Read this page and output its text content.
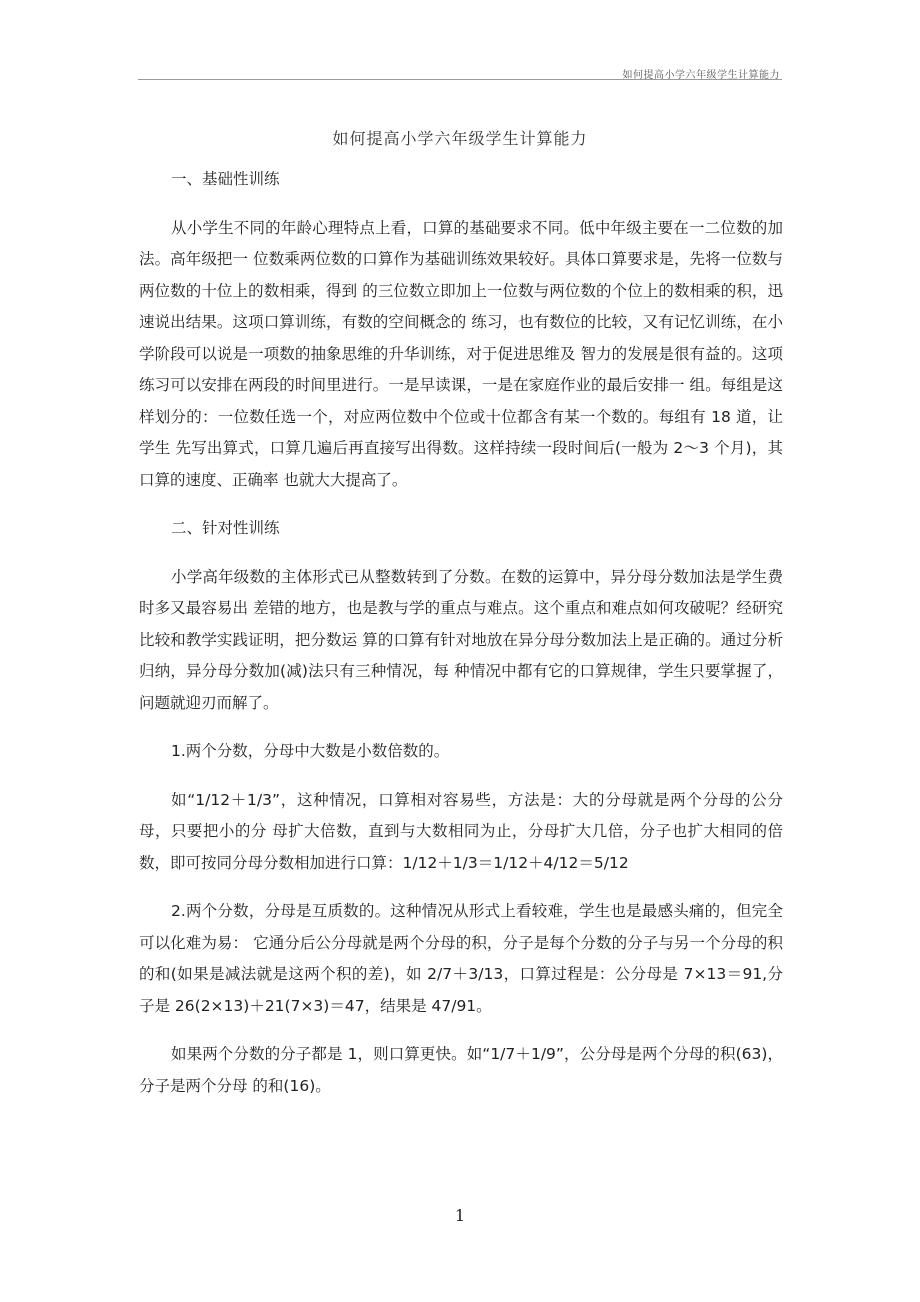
如何提高小学六年级学生计算能力
如何提高小学六年级学生计算能力
一、基础性训练

从小学生不同的年龄心理特点上看，口算的基础要求不同。低中年级主要在一二位数的加法。高年级把一 位数乘两位数的口算作为基础训练效果较好。具体口算要求是，先将一位数与两位数的十位上的数相乘，得到 的三位数立即加上一位数与两位数的个位上的数相乘的积，迅速说出结果。这项口算训练，有数的空间概念的 练习，也有数位的比较，又有记忆训练，在小学阶段可以说是一项数的抽象思维的升华训练，对于促进思维及 智力的发展是很有益的。这项练习可以安排在两段的时间里进行。一是早读课，一是在家庭作业的最后安排一 组。每组是这样划分的：一位数任选一个，对应两位数中个位或十位都含有某一个数的。每组有 18 道，让学生 先写出算式，口算几遍后再直接写出得数。这样持续一段时间后(一般为 2～3 个月)，其口算的速度、正确率 也就大大提高了。

二、针对性训练

小学高年级数的主体形式已从整数转到了分数。在数的运算中，异分母分数加法是学生费时多又最容易出 差错的地方，也是教与学的重点与难点。这个重点和难点如何攻破呢？经研究比较和教学实践证明，把分数运 算的口算有针对地放在异分母分数加法上是正确的。通过分析归纳，异分母分数加(减)法只有三种情况，每 种情况中都有它的口算规律，学生只要掌握了，问题就迎刃而解了。

1.两个分数，分母中大数是小数倍数的。

如“1/12＋1/3”，这种情况，口算相对容易些，方法是：大的分母就是两个分母的公分母，只要把小的分 母扩大倍数，直到与大数相同为止，分母扩大几倍，分子也扩大相同的倍数，即可按同分母分数相加进行口算：1/12＋1/3＝1/12＋4/12＝5/12

2.两个分数，分母是互质数的。这种情况从形式上看较难，学生也是最感头痛的，但完全可以化难为易： 它通分后公分母就是两个分母的积，分子是每个分数的分子与另一个分母的积的和(如果是减法就是这两个积的差)，如 2/7＋3/13，口算过程是：公分母是 7×13＝91,分子是 26(2×13)＋21(7×3)＝47，结果是 47/91。

如果两个分数的分子都是 1，则口算更快。如“1/7＋1/9”，公分母是两个分母的积(63)，分子是两个分母 的和(16)。

1
